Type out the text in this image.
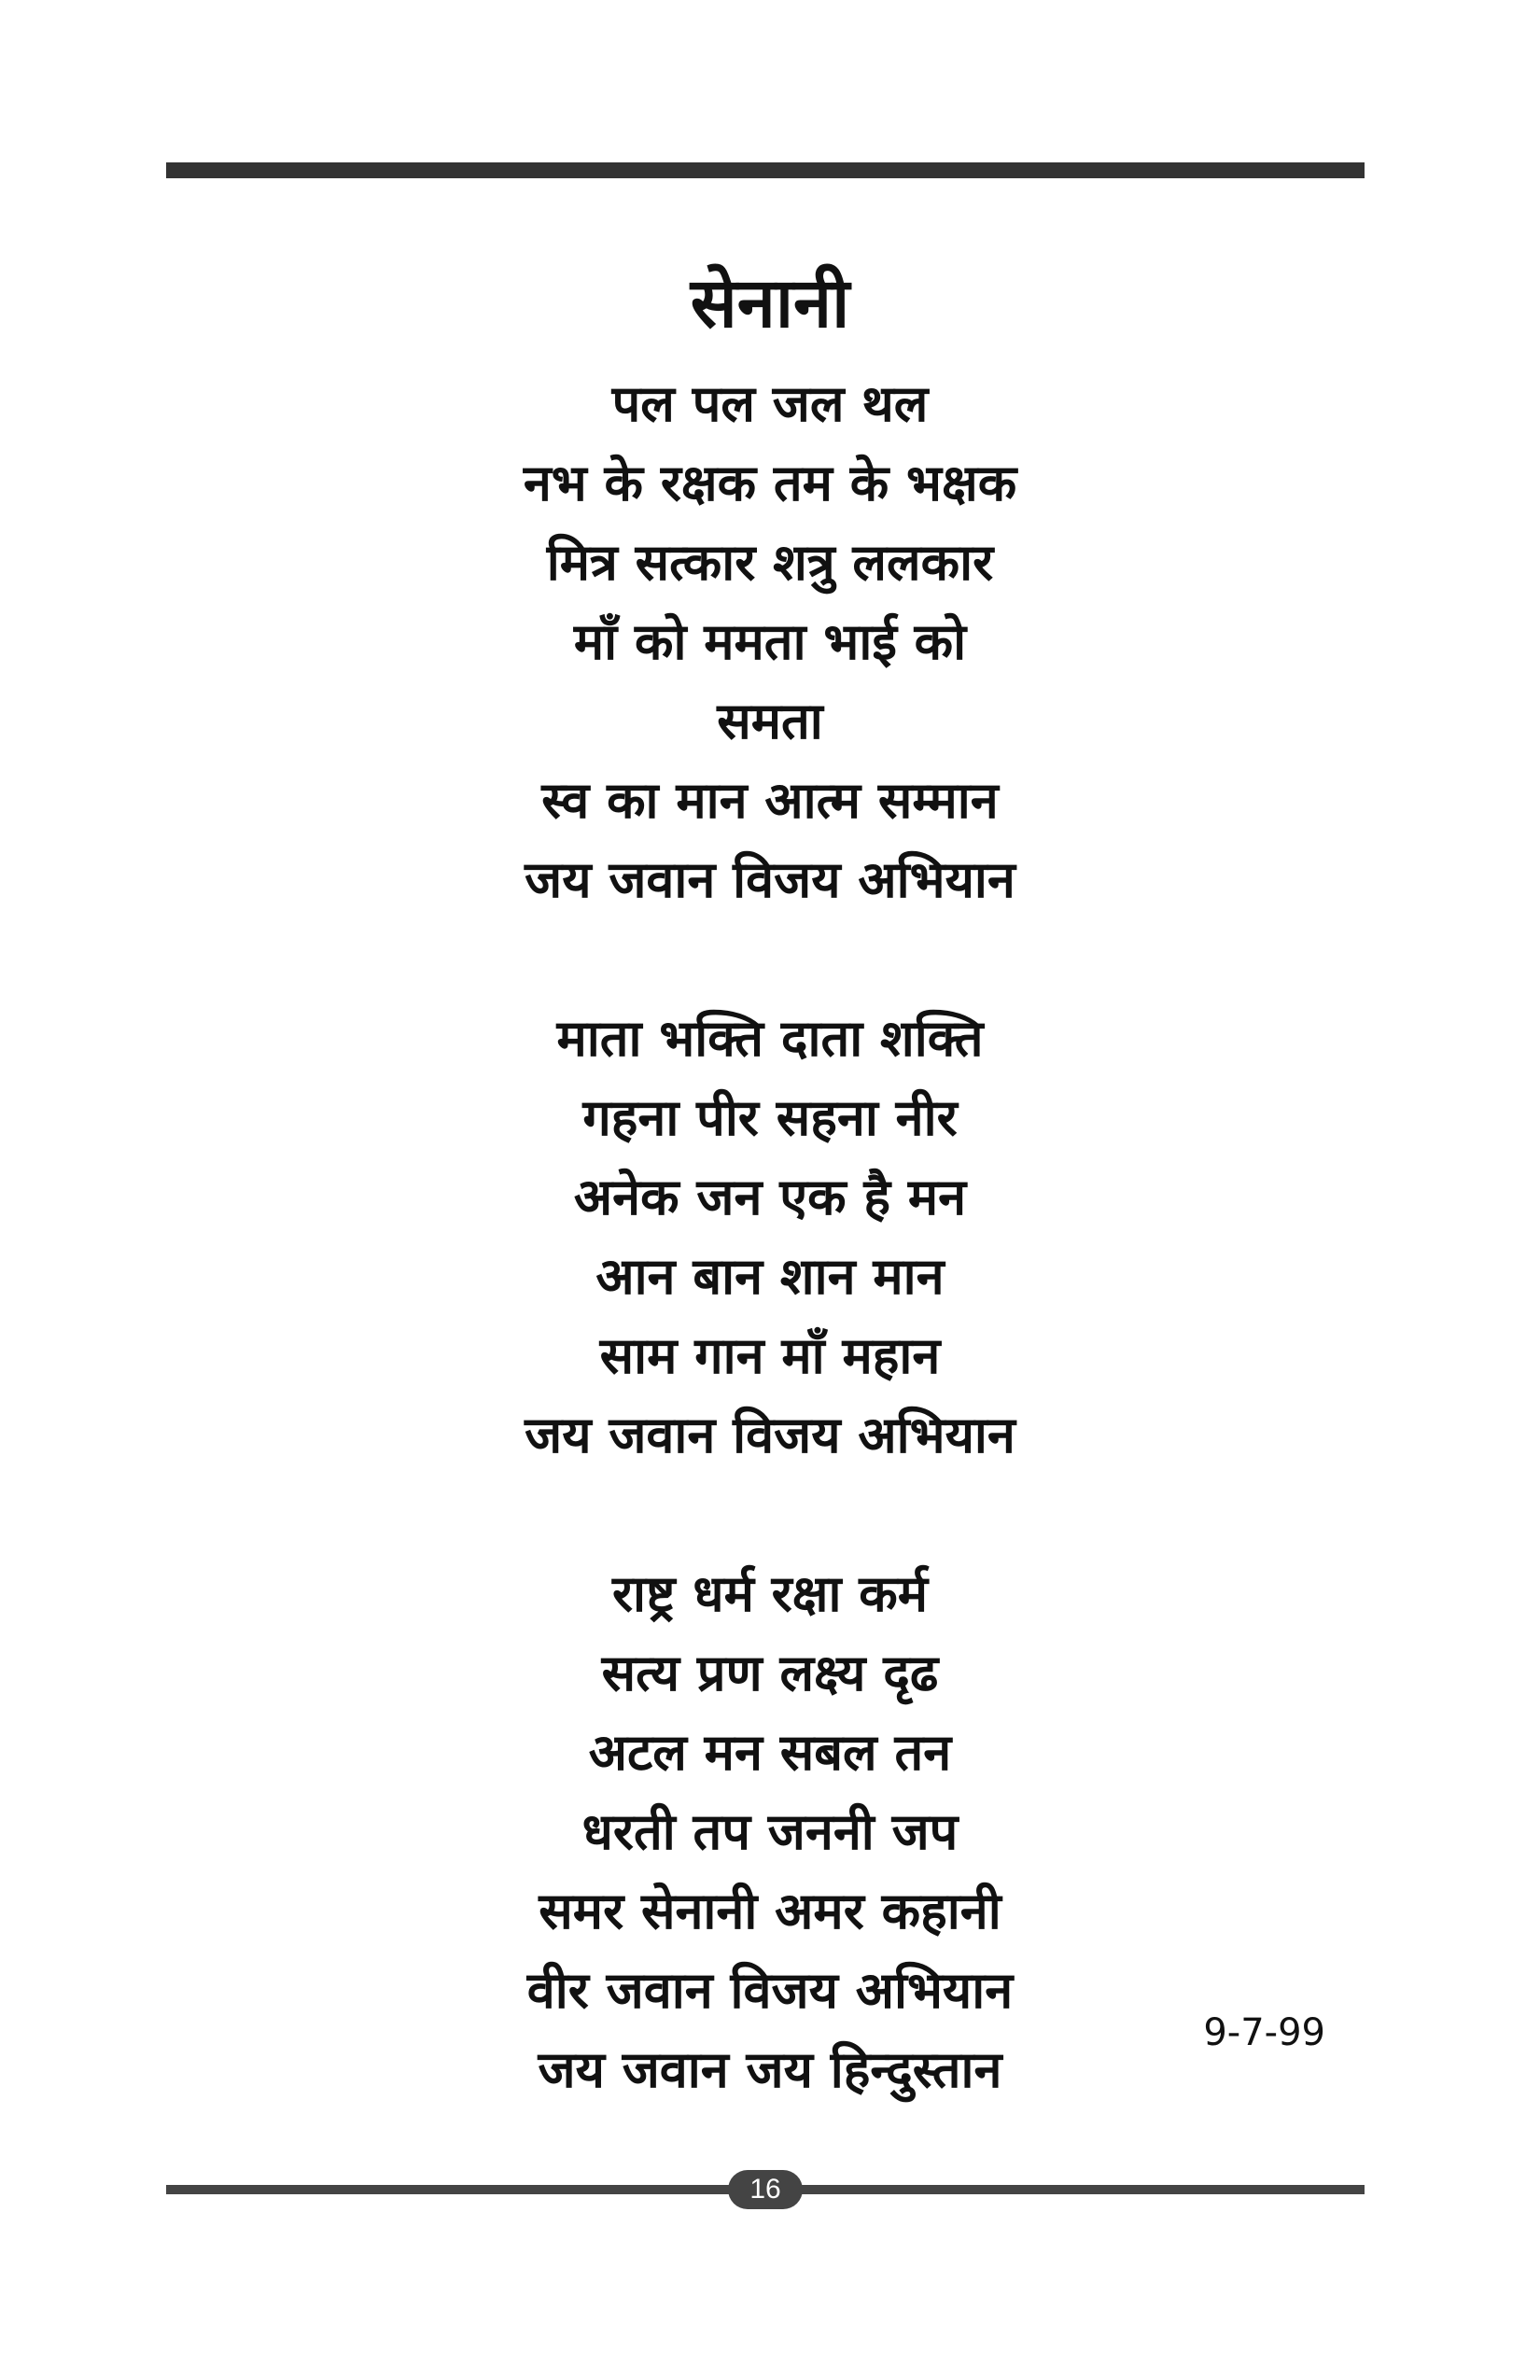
सेनानी
पल पल जल थल
नभ के रक्षक तम के भक्षक
मित्र सत्कार शत्रु ललकार
माँ को ममता भाई को
समता
स्व का मान आत्म सम्मान
जय जवान विजय अभियान
माता भक्ति दाता शक्ति
गहना पीर सहना नीर
अनेक जन एक है मन
आन बान शान मान
साम गान माँ महान
जय जवान विजय अभियान
राष्ट्र धर्म रक्षा कर्म
सत्य प्रण लक्ष्य दृढ
अटल मन सबल तन
धरती तप जननी जप
समर सेनानी अमर कहानी
वीर जवान विजय अभियान
जय जवान जय हिन्दुस्तान
9-7-99
16
